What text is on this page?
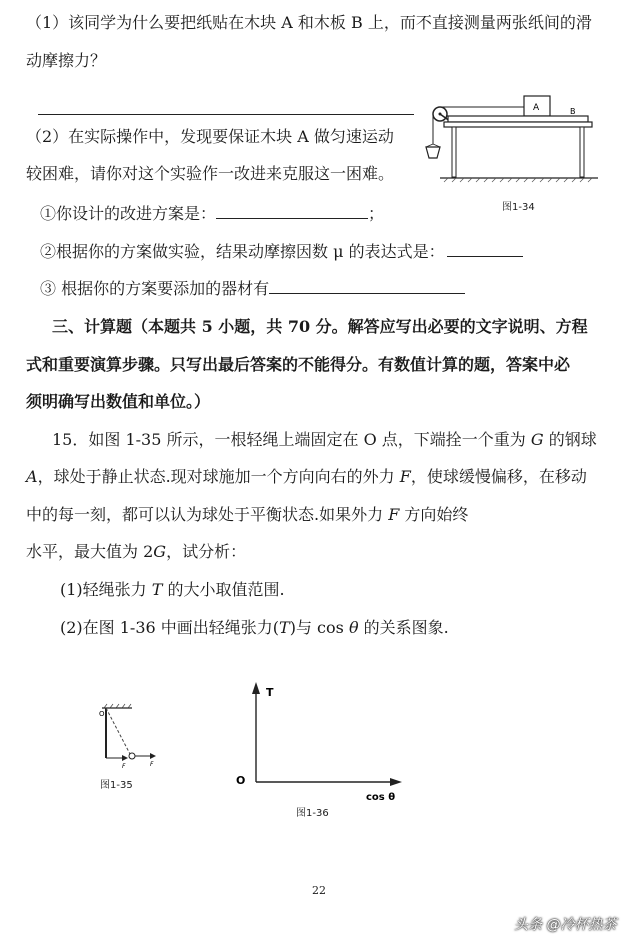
（1）该同学为什么要把纸贴在木块 A 和木板 B 上，而不直接测量两张纸间的滑
动摩擦力？
（2）在实际操作中，发现要保证木块 A 做匀速运动
较困难，请你对这个实验作一改进来克服这一困难。
①你设计的改进方案是：	；
②根据你的方案做实验，结果动摩擦因数 μ 的表达式是：
③ 根据你的方案要添加的器材有
A	B
图1-34
三、计算题（本题共 5 小题，共 70 分。解答应写出必要的文字说明、方程
式和重要演算步骤。只写出最后答案的不能得分。有数值计算的题，答案中必
须明确写出数值和单位。）
15．如图 1-35 所示，一根轻绳上端固定在 O 点，下端拴一个重为 G 的钢球
A，球处于静止状态.现对球施加一个方向向右的外力 F，使球缓慢偏移，在移动
中的每一刻，都可以认为球处于平衡状态.如果外力 F 方向始终
水平，最大值为 2G，试分析：
(1)轻绳张力 T 的大小取值范围.
(2)在图 1-36 中画出轻绳张力(T)与 cos θ 的关系图象.
O
F	F
图1-35
T
O
cos θ
图1-36
22
头条 @冷杯热茶
